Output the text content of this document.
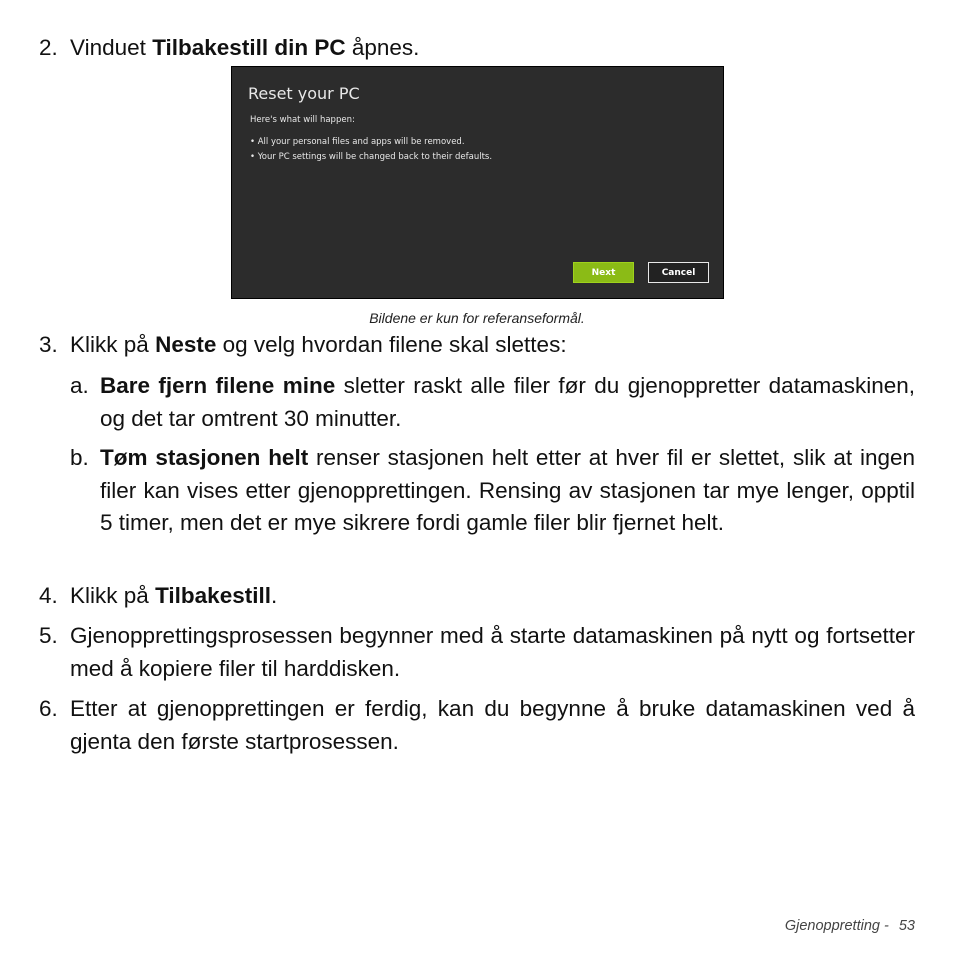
2. Vinduet Tilbakestill din PC åpnes.
Reset your PC
Here's what will happen:
• All your personal files and apps will be removed.
• Your PC settings will be changed back to their defaults.
Next	Cancel
Bildene er kun for referanseformål.
3. Klikk på Neste og velg hvordan filene skal slettes:
a. Bare fjern filene mine sletter raskt alle filer før du gjenoppretter datamaskinen, og det tar omtrent 30 minutter.
b. Tøm stasjonen helt renser stasjonen helt etter at hver fil er slettet, slik at ingen filer kan vises etter gjenopprettingen. Rensing av stasjonen tar mye lenger, opptil 5 timer, men det er mye sikrere fordi gamle filer blir fjernet helt.
4. Klikk på Tilbakestill.
5. Gjenopprettingsprosessen begynner med å starte datamaskinen på nytt og fortsetter med å kopiere filer til harddisken.
6. Etter at gjenopprettingen er ferdig, kan du begynne å bruke datamaskinen ved å gjenta den første startprosessen.
Gjenoppretting - 53
